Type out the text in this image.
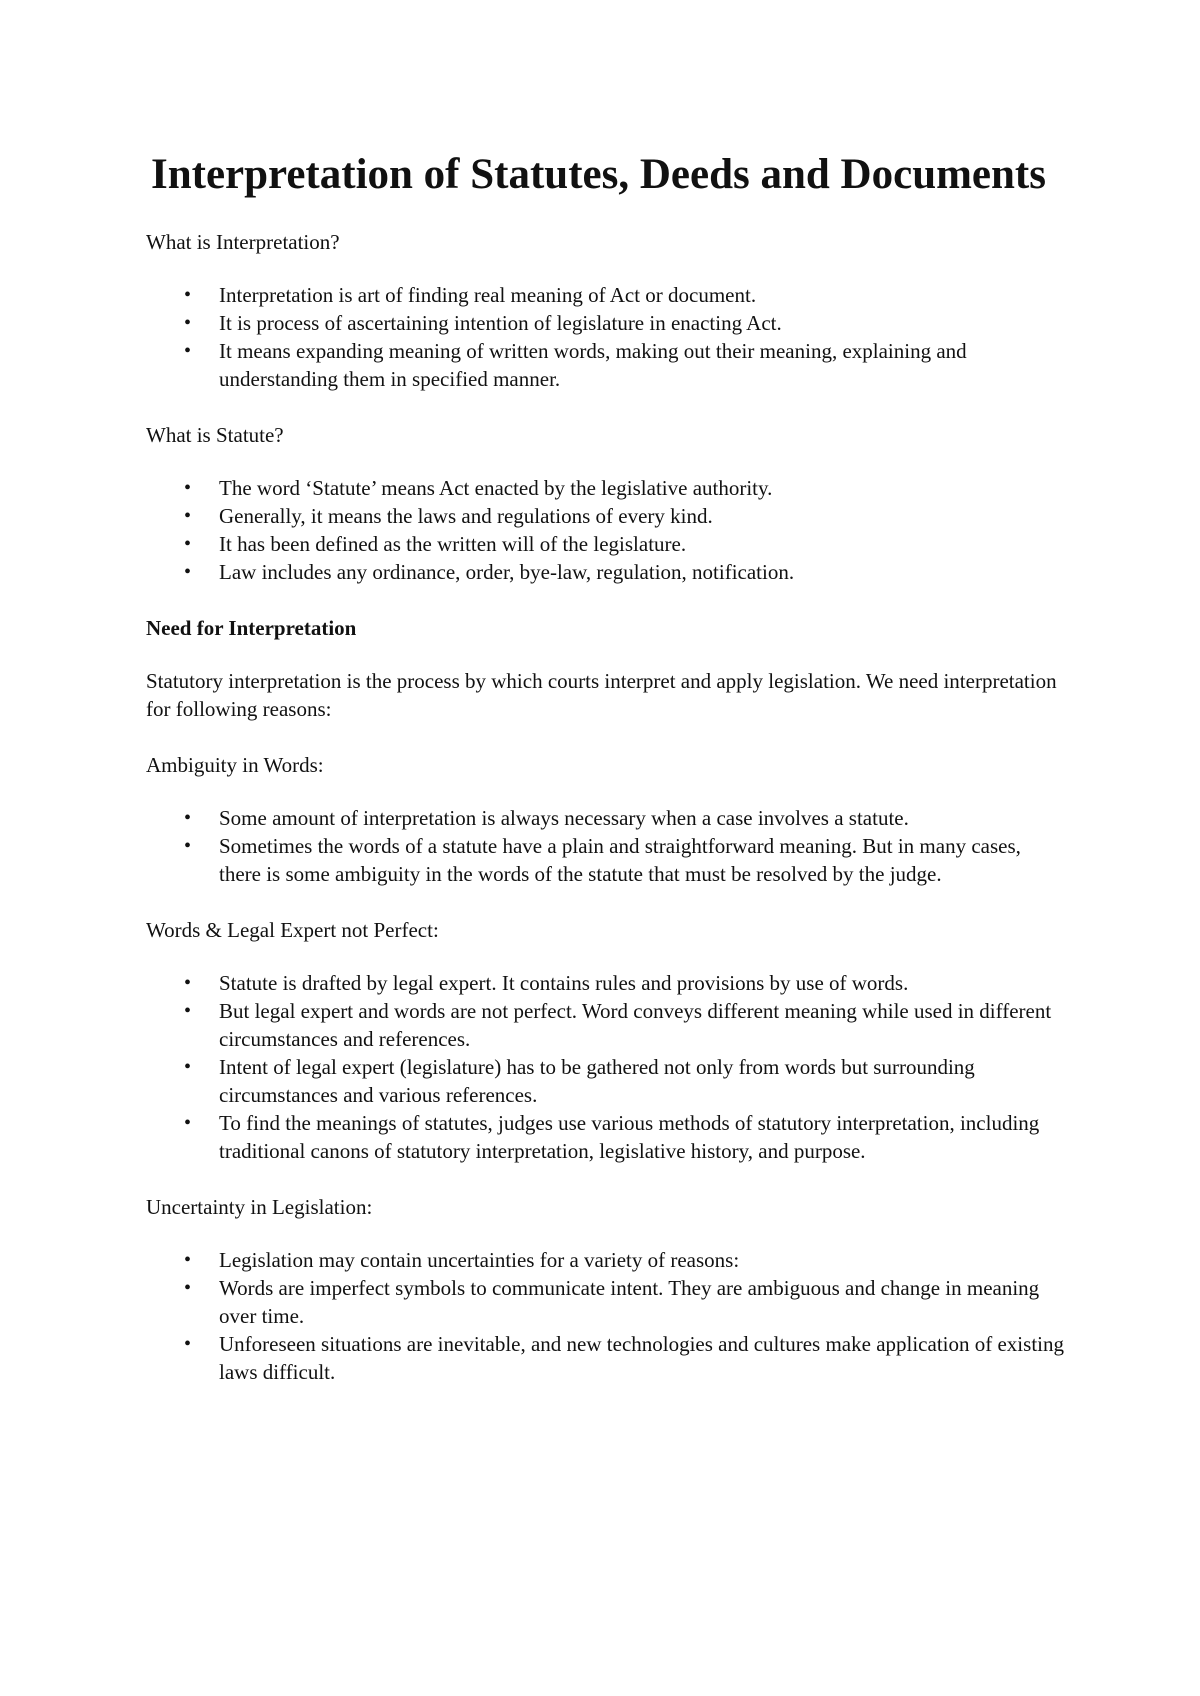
Interpretation of Statutes, Deeds and Documents

What is Interpretation?

• Interpretation is art of finding real meaning of Act or document.
• It is process of ascertaining intention of legislature in enacting Act.
• It means expanding meaning of written words, making out their meaning, explaining and understanding them in specified manner.

What is Statute?

• The word ‘Statute’ means Act enacted by the legislative authority.
• Generally, it means the laws and regulations of every kind.
• It has been defined as the written will of the legislature.
• Law includes any ordinance, order, bye-law, regulation, notification.

Need for Interpretation

Statutory interpretation is the process by which courts interpret and apply legislation. We need interpretation for following reasons:

Ambiguity in Words:

• Some amount of interpretation is always necessary when a case involves a statute.
• Sometimes the words of a statute have a plain and straightforward meaning. But in many cases, there is some ambiguity in the words of the statute that must be resolved by the judge.

Words & Legal Expert not Perfect:

• Statute is drafted by legal expert. It contains rules and provisions by use of words.
• But legal expert and words are not perfect. Word conveys different meaning while used in different circumstances and references.
• Intent of legal expert (legislature) has to be gathered not only from words but surrounding circumstances and various references.
• To find the meanings of statutes, judges use various methods of statutory interpretation, including traditional canons of statutory interpretation, legislative history, and purpose.

Uncertainty in Legislation:

• Legislation may contain uncertainties for a variety of reasons:
• Words are imperfect symbols to communicate intent. They are ambiguous and change in meaning over time.
• Unforeseen situations are inevitable, and new technologies and cultures make application of existing laws difficult.
